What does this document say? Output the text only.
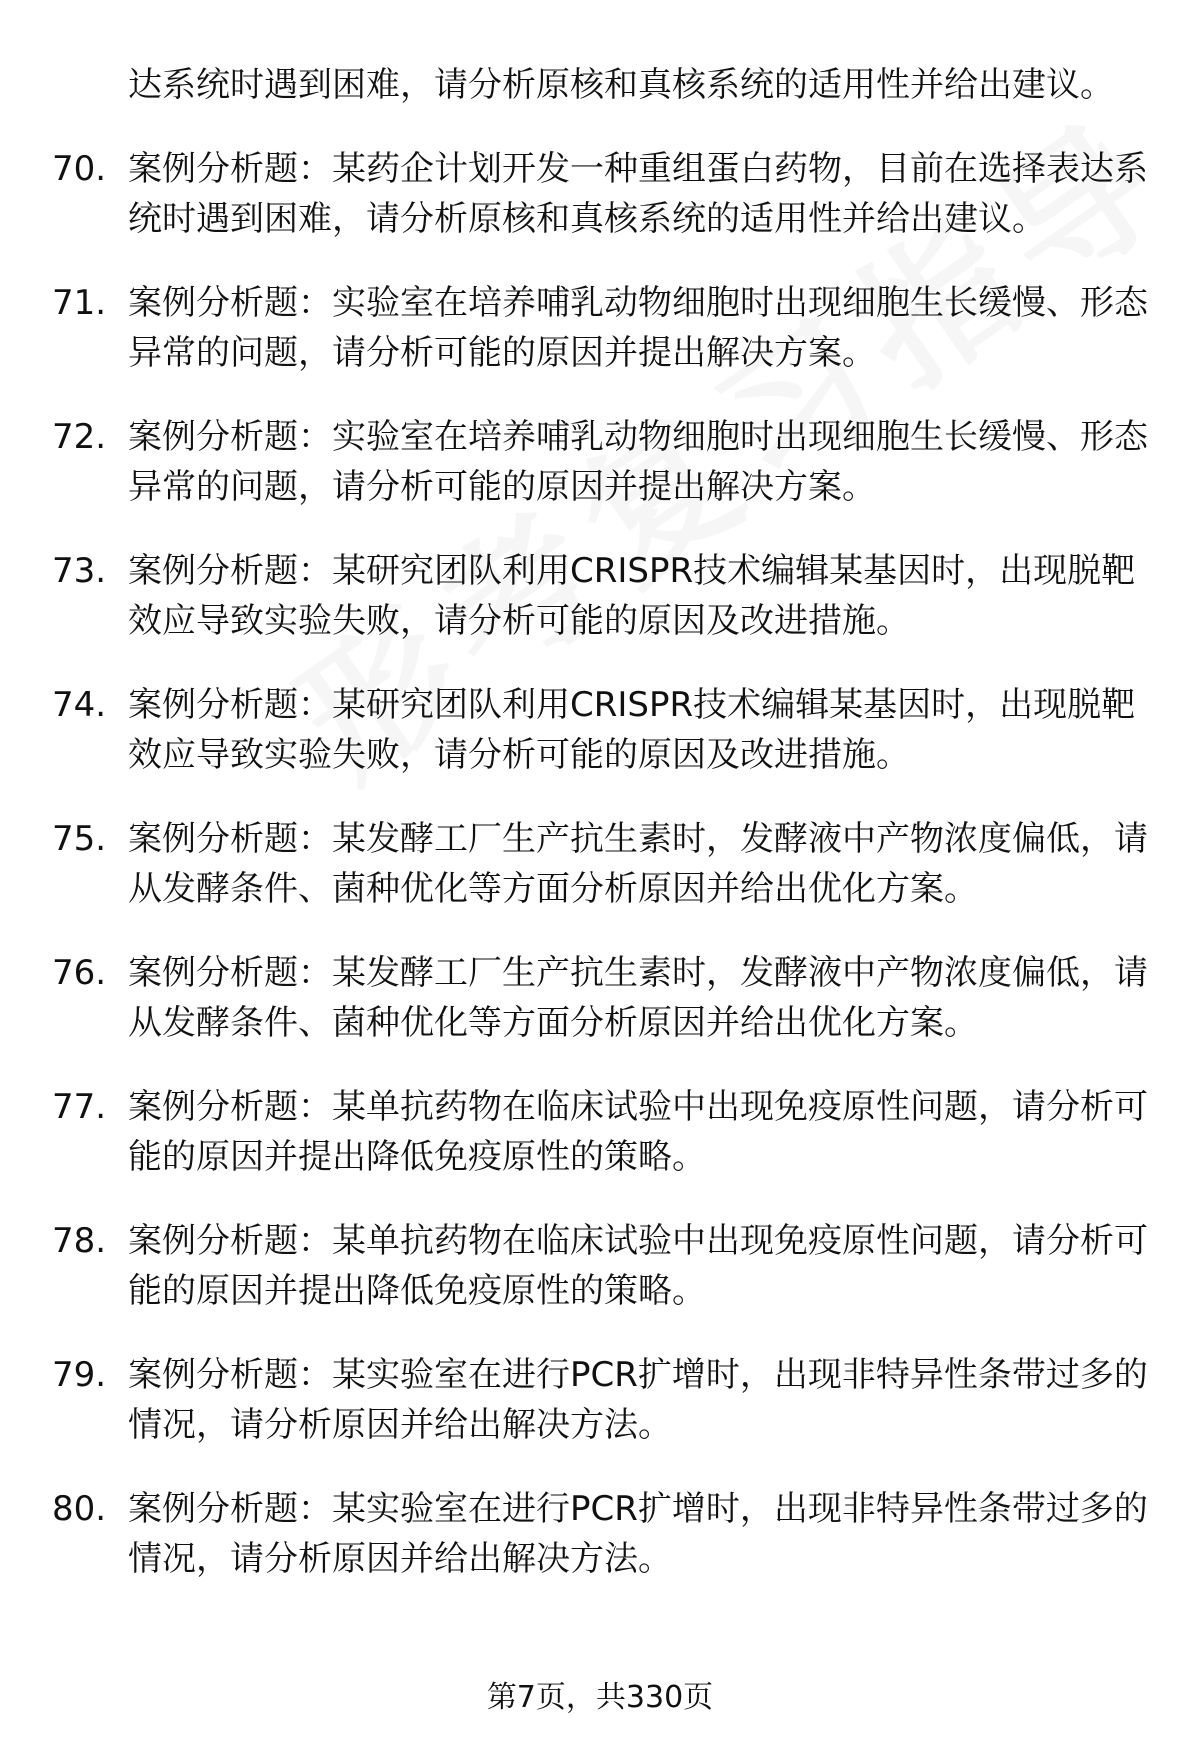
达系统时遇到困难，请分析原核和真核系统的适用性并给出建议。
70. 案例分析题：某药企计划开发一种重组蛋白药物，目前在选择表达系统时遇到困难，请分析原核和真核系统的适用性并给出建议。
71. 案例分析题：实验室在培养哺乳动物细胞时出现细胞生长缓慢、形态异常的问题，请分析可能的原因并提出解决方案。
72. 案例分析题：实验室在培养哺乳动物细胞时出现细胞生长缓慢、形态异常的问题，请分析可能的原因并提出解决方案。
73. 案例分析题：某研究团队利用CRISPR技术编辑某基因时，出现脱靶效应导致实验失败，请分析可能的原因及改进措施。
74. 案例分析题：某研究团队利用CRISPR技术编辑某基因时，出现脱靶效应导致实验失败，请分析可能的原因及改进措施。
75. 案例分析题：某发酵工厂生产抗生素时，发酵液中产物浓度偏低，请从发酵条件、菌种优化等方面分析原因并给出优化方案。
76. 案例分析题：某发酵工厂生产抗生素时，发酵液中产物浓度偏低，请从发酵条件、菌种优化等方面分析原因并给出优化方案。
77. 案例分析题：某单抗药物在临床试验中出现免疫原性问题，请分析可能的原因并提出降低免疫原性的策略。
78. 案例分析题：某单抗药物在临床试验中出现免疫原性问题，请分析可能的原因并提出降低免疫原性的策略。
79. 案例分析题：某实验室在进行PCR扩增时，出现非特异性条带过多的情况，请分析原因并给出解决方法。
80. 案例分析题：某实验室在进行PCR扩增时，出现非特异性条带过多的情况，请分析原因并给出解决方法。
第7页，共330页
